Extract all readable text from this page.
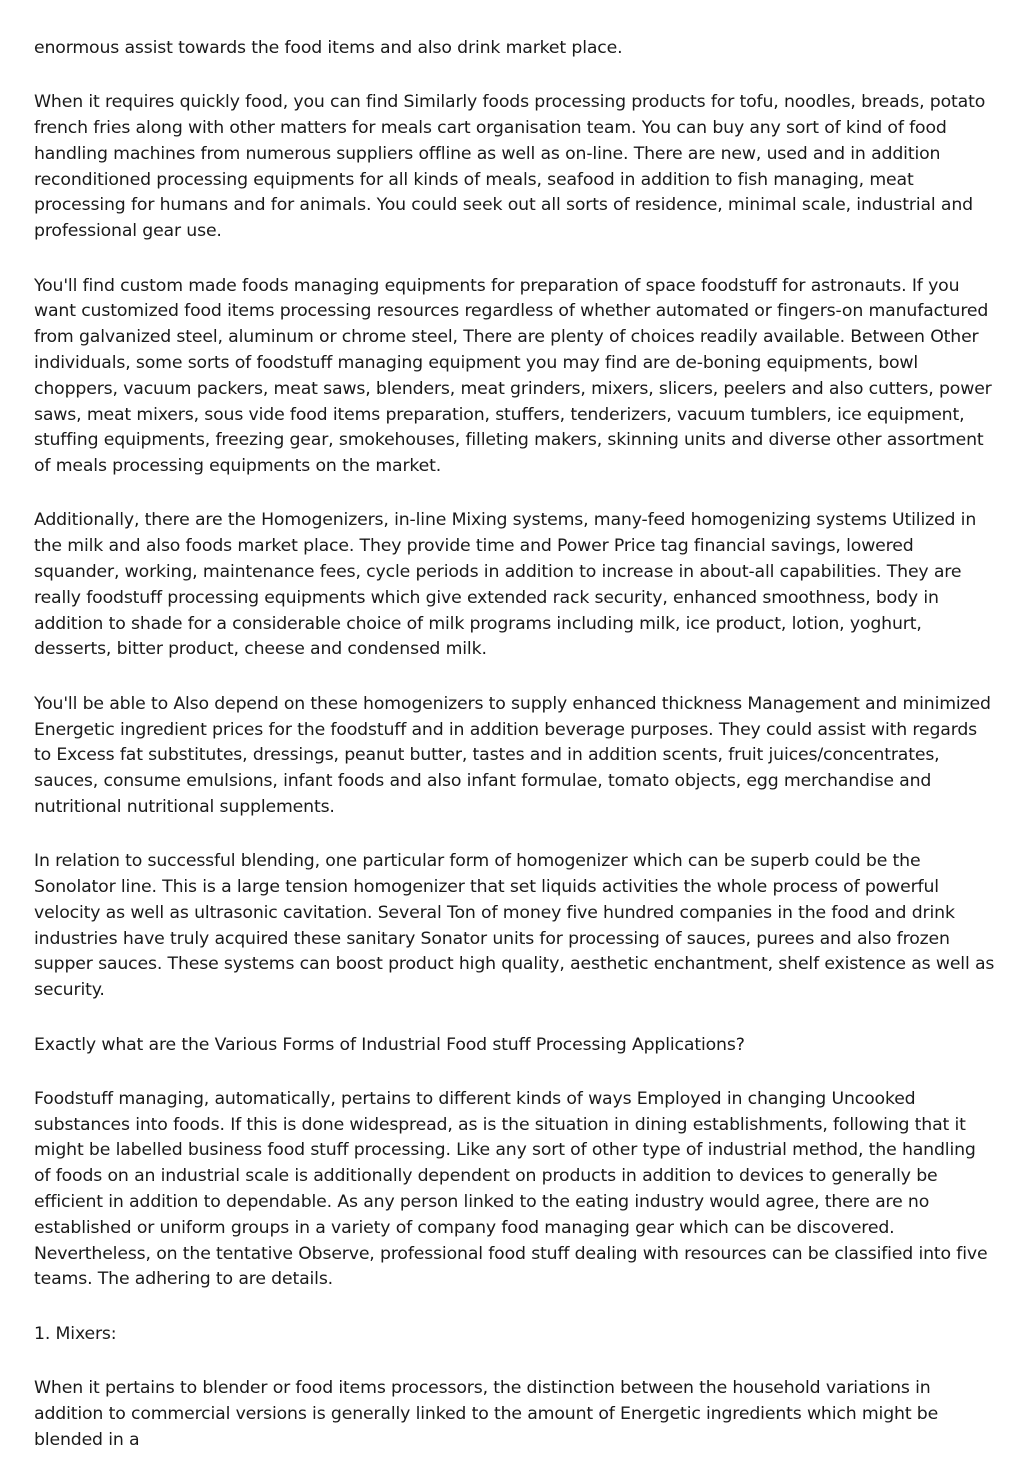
enormous assist towards the food items and also drink market place.

When it requires quickly food, you can find Similarly foods processing products for tofu, noodles, breads, potato french fries along with other matters for meals cart organisation team. You can buy any sort of kind of food handling machines from numerous suppliers offline as well as on-line. There are new, used and in addition reconditioned processing equipments for all kinds of meals, seafood in addition to fish managing, meat processing for humans and for animals. You could seek out all sorts of residence, minimal scale, industrial and professional gear use.

You'll find custom made foods managing equipments for preparation of space foodstuff for astronauts. If you want customized food items processing resources regardless of whether automated or fingers-on manufactured from galvanized steel, aluminum or chrome steel, There are plenty of choices readily available. Between Other individuals, some sorts of foodstuff managing equipment you may find are de-boning equipments, bowl choppers, vacuum packers, meat saws, blenders, meat grinders, mixers, slicers, peelers and also cutters, power saws, meat mixers, sous vide food items preparation, stuffers, tenderizers, vacuum tumblers, ice equipment, stuffing equipments, freezing gear, smokehouses, filleting makers, skinning units and diverse other assortment of meals processing equipments on the market.

Additionally, there are the Homogenizers, in-line Mixing systems, many-feed homogenizing systems Utilized in the milk and also foods market place. They provide time and Power Price tag financial savings, lowered squander, working, maintenance fees, cycle periods in addition to increase in about-all capabilities. They are really foodstuff processing equipments which give extended rack security, enhanced smoothness, body in addition to shade for a considerable choice of milk programs including milk, ice product, lotion, yoghurt, desserts, bitter product, cheese and condensed milk.

You'll be able to Also depend on these homogenizers to supply enhanced thickness Management and minimized Energetic ingredient prices for the foodstuff and in addition beverage purposes. They could assist with regards to Excess fat substitutes, dressings, peanut butter, tastes and in addition scents, fruit juices/concentrates, sauces, consume emulsions, infant foods and also infant formulae, tomato objects, egg merchandise and nutritional nutritional supplements.

In relation to successful blending, one particular form of homogenizer which can be superb could be the Sonolator line. This is a large tension homogenizer that set liquids activities the whole process of powerful velocity as well as ultrasonic cavitation. Several Ton of money five hundred companies in the food and drink industries have truly acquired these sanitary Sonator units for processing of sauces, purees and also frozen supper sauces. These systems can boost product high quality, aesthetic enchantment, shelf existence as well as security.

Exactly what are the Various Forms of Industrial Food stuff Processing Applications?

Foodstuff managing, automatically, pertains to different kinds of ways Employed in changing Uncooked substances into foods. If this is done widespread, as is the situation in dining establishments, following that it might be labelled business food stuff processing. Like any sort of other type of industrial method, the handling of foods on an industrial scale is additionally dependent on products in addition to devices to generally be efficient in addition to dependable. As any person linked to the eating industry would agree, there are no established or uniform groups in a variety of company food managing gear which can be discovered. Nevertheless, on the tentative Observe, professional food stuff dealing with resources can be classified into five teams. The adhering to are details.

1. Mixers:

When it pertains to blender or food items processors, the distinction between the household variations in addition to commercial versions is generally linked to the amount of Energetic ingredients which might be blended in a
